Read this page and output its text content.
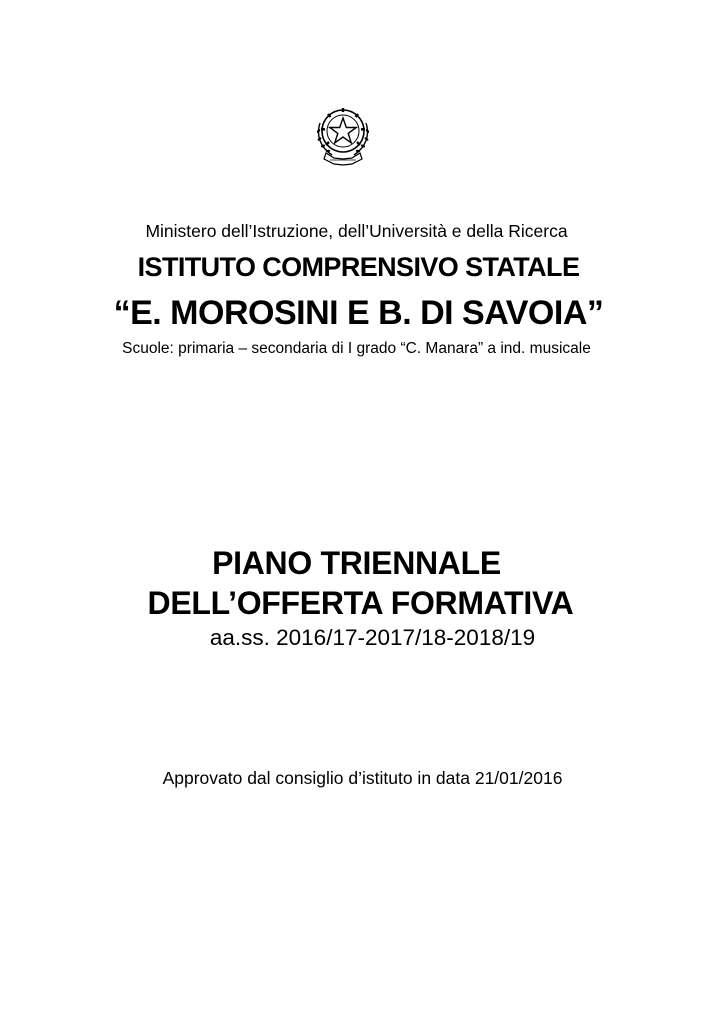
Ministero dell’Istruzione, dell’Università e della Ricerca
ISTITUTO COMPRENSIVO STATALE
“E. MOROSINI E B. DI SAVOIA”
Scuole: primaria – secondaria di I grado “C. Manara” a ind. musicale
PIANO TRIENNALE
DELL’OFFERTA FORMATIVA
aa.ss. 2016/17-2017/18-2018/19
Approvato dal consiglio d’istituto in data 21/01/2016
